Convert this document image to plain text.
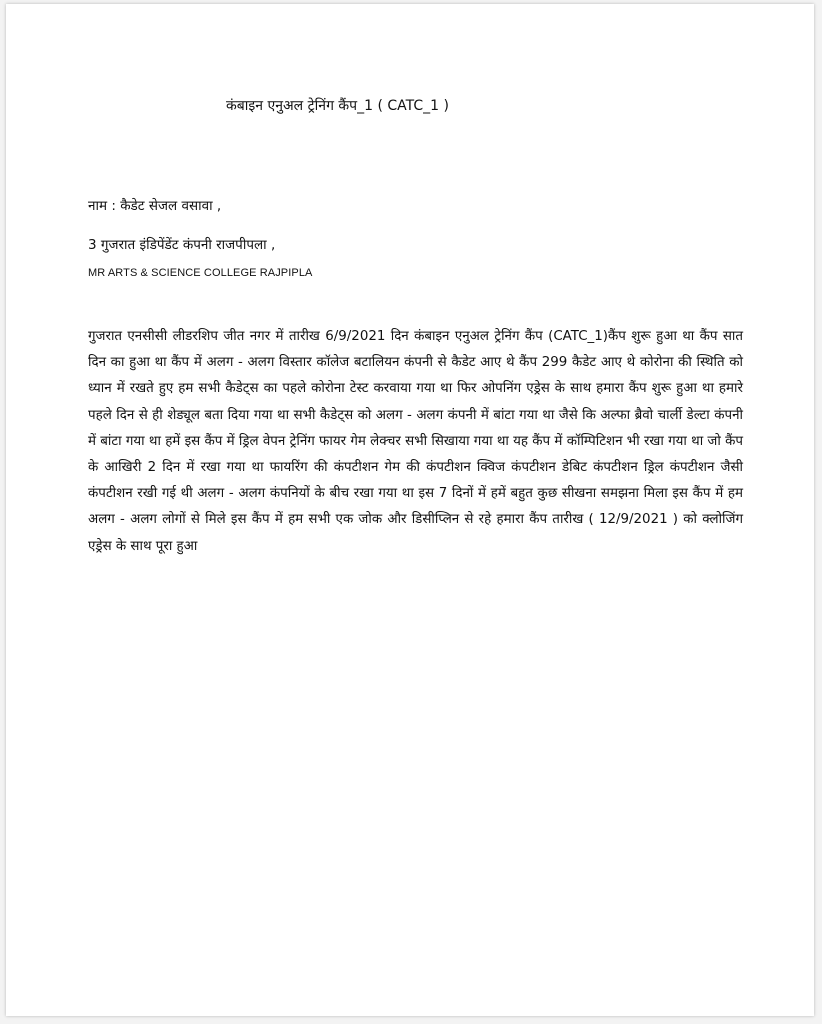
कंबाइन एनुअल ट्रेनिंग कैंप_1 ( CATC_1 )
नाम : कैडेट सेजल वसावा ,
3 गुजरात इंडिपेंडेंट कंपनी राजपीपला ,
MR ARTS & SCIENCE COLLEGE RAJPIPLA
गुजरात एनसीसी लीडरशिप जीत नगर में तारीख 6/9/2021 दिन कंबाइन एनुअल ट्रेनिंग कैंप (CATC_1)कैंप शुरू हुआ था कैंप सात दिन का हुआ था कैंप में अलग - अलग विस्तार कॉलेज बटालियन कंपनी से कैडेट आए थे कैंप 299 कैडेट आए थे कोरोना की स्थिति को ध्यान में रखते हुए हम सभी कैडेट्स का पहले कोरोना टेस्ट करवाया गया था फिर ओपनिंग एड्रेस के साथ हमारा कैंप शुरू हुआ था हमारे पहले दिन से ही शेड्यूल बता दिया गया था सभी कैडेट्स को अलग - अलग कंपनी में बांटा गया था जैसे कि अल्फा ब्रैवो चार्ली डेल्टा कंपनी में बांटा गया था हमें इस कैंप में ड्रिल वेपन ट्रेनिंग फायर गेम लेक्चर सभी सिखाया गया था यह कैंप में कॉम्पिटिशन भी रखा गया था जो कैंप के आखिरी 2 दिन में रखा गया था फायरिंग की कंपटीशन गेम की कंपटीशन क्विज कंपटीशन डेबिट कंपटीशन ड्रिल कंपटीशन जैसी कंपटीशन रखी गई थी अलग - अलग कंपनियों के बीच रखा गया था इस 7 दिनों में हमें बहुत कुछ सीखना समझना मिला इस कैंप में हम अलग - अलग लोगों से मिले इस कैंप में हम सभी एक जोक और डिसीप्लिन से रहे हमारा कैंप तारीख ( 12/9/2021 ) को क्लोजिंग एड्रेस के साथ पूरा हुआ
